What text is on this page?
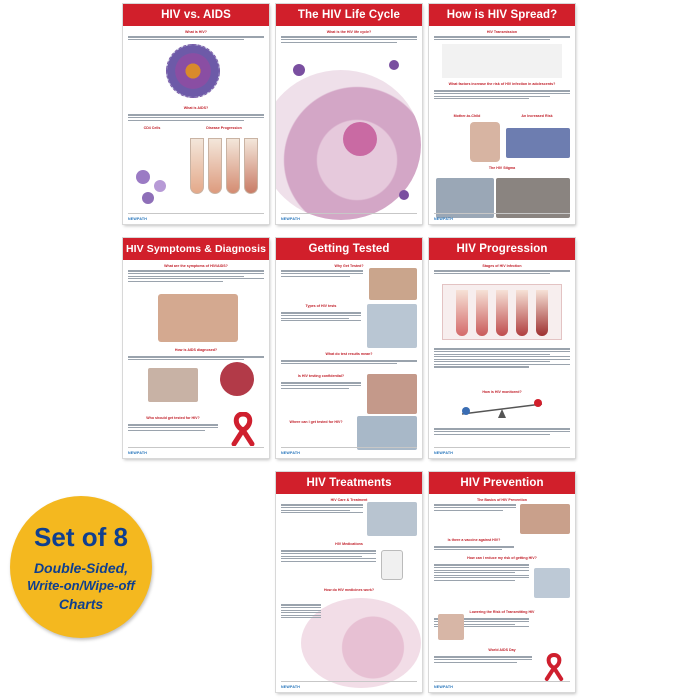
HIV vs. AIDS
What is HIV?
What is AIDS?
CD4 Cells	Disease Progression
NEWPATH
The HIV Life Cycle
What is the HIV life cycle?
NEWPATH
How is HIV Spread?
HIV Transmission
What factors increase the risk of HIV infection in adolescents?
Mother-to-Child	An Increased Risk
The HIV Stigma
NEWPATH
HIV Symptoms & Diagnosis
What are the symptoms of HIV/AIDS?
How is AIDS diagnosed?
Who should get tested for HIV?
NEWPATH
Getting Tested
Why Get Tested?
Types of HIV tests
What do test results mean?
Is HIV testing confidential?
Where can I get tested for HIV?
NEWPATH
HIV Progression
Stages of HIV Infection
How is HIV monitored?
NEWPATH
HIV Treatments
HIV Care & Treatment
HIV Medications
How do HIV medicines work?
NEWPATH
HIV Prevention
The Basics of HIV Prevention
Is there a vaccine against HIV?
How can I reduce my risk of getting HIV?
Lowering the Risk of Transmitting HIV
World AIDS Day
NEWPATH
Set of 8
Double-Sided,
Write-on/Wipe-off
Charts
